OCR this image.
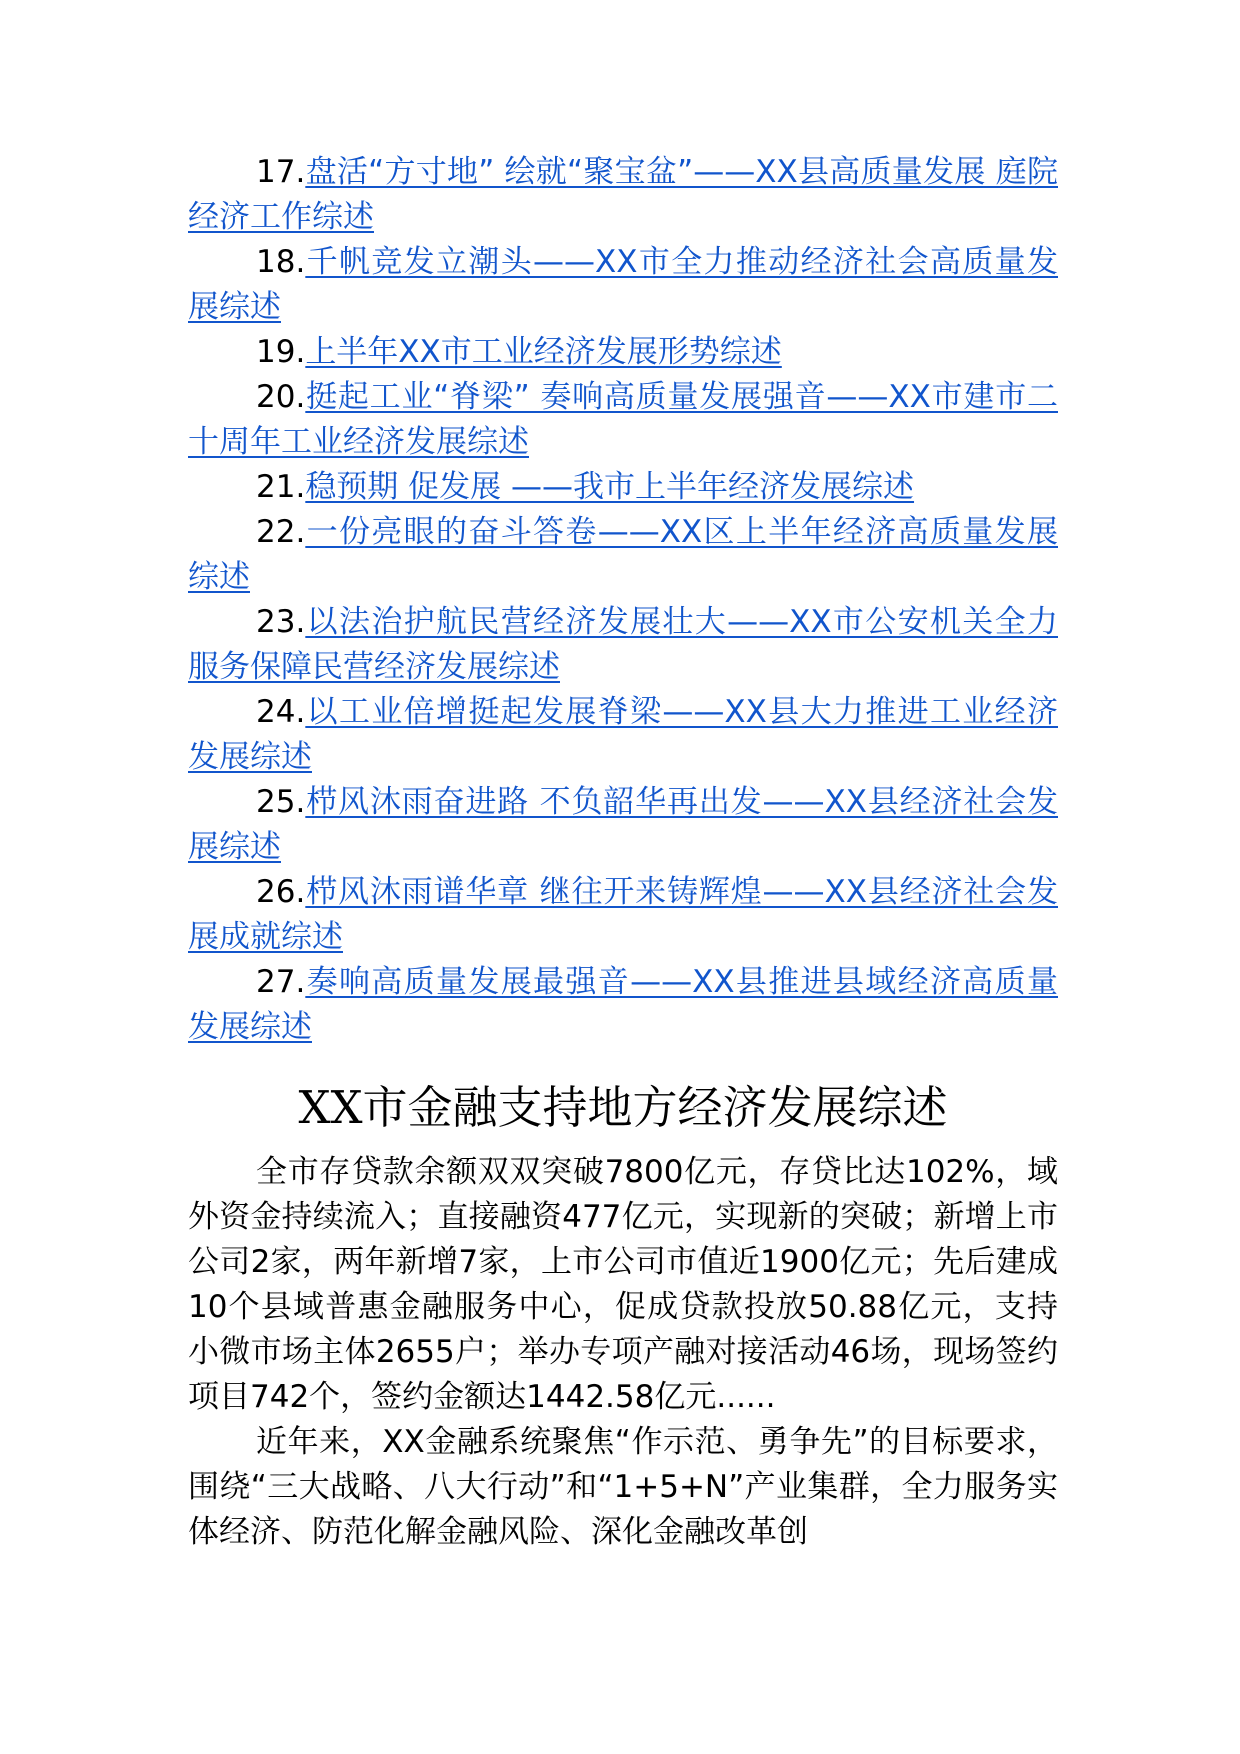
17.盘活“方寸地” 绘就“聚宝盆”——XX县高质量发展 庭院经济工作综述
18.千帆竞发立潮头——XX市全力推动经济社会高质量发展综述
19.上半年XX市工业经济发展形势综述
20.挺起工业“脊梁” 奏响高质量发展强音——XX市建市二十周年工业经济发展综述
21.稳预期 促发展 ——我市上半年经济发展综述
22.一份亮眼的奋斗答卷——XX区上半年经济高质量发展综述
23.以法治护航民营经济发展壮大——XX市公安机关全力服务保障民营经济发展综述
24.以工业倍增挺起发展脊梁——XX县大力推进工业经济发展综述
25.栉风沐雨奋进路 不负韶华再出发——XX县经济社会发展综述
26.栉风沐雨谱华章 继往开来铸辉煌——XX县经济社会发展成就综述
27.奏响高质量发展最强音——XX县推进县域经济高质量发展综述
XX市金融支持地方经济发展综述

全市存贷款余额双双突破7800亿元，存贷比达102%，域外资金持续流入；直接融资477亿元，实现新的突破；新增上市公司2家，两年新增7家，上市公司市值近1900亿元；先后建成10个县域普惠金融服务中心，促成贷款投放50.88亿元，支持小微市场主体2655户；举办专项产融对接活动46场，现场签约项目742个，签约金额达1442.58亿元......

近年来，XX金融系统聚焦“作示范、勇争先”的目标要求，围绕“三大战略、八大行动”和“1+5+N”产业集群，全力服务实体经济、防范化解金融风险、深化金融改革创
